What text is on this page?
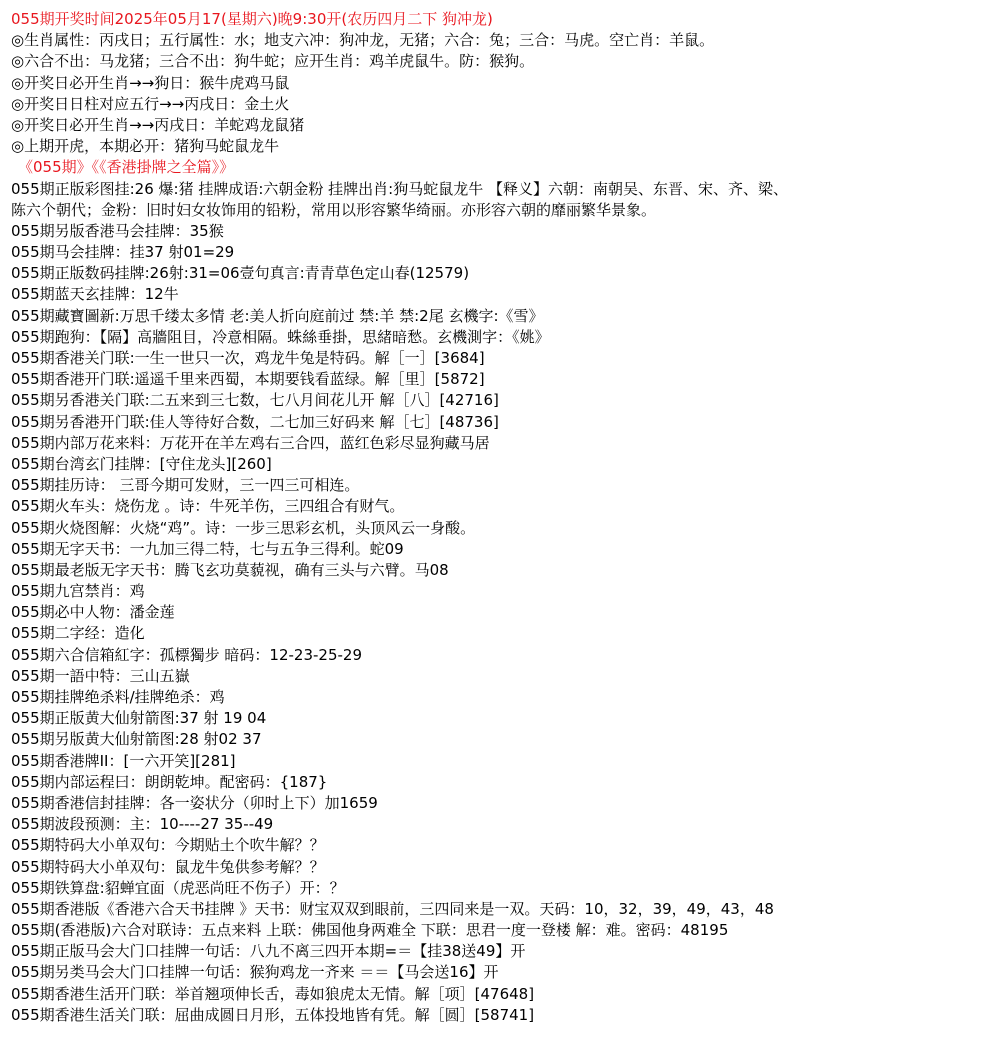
055期开奖时间2025年05月17(星期六)晚9:30开(农历四月二下 狗冲龙)
◎生肖属性：丙戌日；五行属性：水；地支六冲：狗冲龙，无猪；六合：兔；三合：马虎。空亡肖：羊鼠。
◎六合不出：马龙猪；三合不出：狗牛蛇；应开生肖：鸡羊虎鼠牛。防：猴狗。
◎开奖日必开生肖→→狗日：猴牛虎鸡马鼠
◎开奖日日柱对应五行→→丙戌日：金土火
◎开奖日必开生肖→→丙戌日：羊蛇鸡龙鼠猪
◎上期开虎，本期必开：猪狗马蛇鼠龙牛
《055期》《《香港掛牌之全篇》》
055期正版彩图挂:26 爆:猪 挂牌成语:六朝金粉 挂牌出肖:狗马蛇鼠龙牛 【释义】六朝：南朝吴、东晋、宋、齐、梁、
陈六个朝代；金粉：旧时妇女妆饰用的铅粉，常用以形容繁华绮丽。亦形容六朝的靡丽繁华景象。
055期另版香港马会挂牌：35猴
055期马会挂牌：挂37 射01=29
055期正版数码挂牌:26射:31=06壹句真言:青青草色定山春(12579)
055期蓝天玄挂牌：12牛
055期藏寶圖新:万思千缕太多情 老:美人折向庭前过 禁:羊 禁:2尾 玄機字:《雪》
055期跑狗：【隔】高牆阻目，冷意相隔。蛛絲垂掛，思緒暗愁。玄機測字：《姚》
055期香港关门联:一生一世只一次，鸡龙牛兔是特码。解［一］[3684]
055期香港开门联:遥遥千里来西蜀，本期要钱看蓝绿。解［里］[5872]
055期另香港关门联:二五来到三七数，七八月间花儿开 解［八］[42716]
055期另香港开门联:佳人等待好合数，二七加三好码来 解［七］[48736]
055期内部万花来料：万花开在羊左鸡右三合四，蓝红色彩尽显狗藏马居
055期台湾玄门挂牌：[守住龙头][260]
055期挂历诗： 三哥今期可发财，三一四三可相连。
055期火车头：烧伤龙 。诗：牛死羊伤，三四组合有财气。
055期火烧图解：火烧“鸡”。诗：一步三思彩玄机，头顶风云一身酸。
055期无字天书：一九加三得二特，七与五争三得利。蛇09
055期最老版无字天书：腾飞玄功莫藐视，确有三头与六臂。马08
055期九宫禁肖：鸡
055期必中人物：潘金莲
055期二字经：造化
055期六合信箱紅字：孤標獨步 暗码：12-23-25-29
055期一語中特：三山五嶽
055期挂牌绝杀料/挂牌绝杀：鸡
055期正版黄大仙射箭图:37 射 19 04
055期另版黄大仙射箭图:28 射02 37
055期香港牌II：[一六开笑][281]
055期内部运程曰：朗朗乾坤。配密码：{187}
055期香港信封挂牌：各一姿状分（卯时上下）加1659
055期波段预测：主：10----27 35--49
055期特码大小单双句：今期贴土个吹牛解？？
055期特码大小单双句：鼠龙牛兔供参考解？？
055期铁算盘:貂蝉宜面（虎恶尚旺不伤子）开：？
055期香港版《香港六合天书挂牌 》天书：财宝双双到眼前，三四同来是一双。天码：10，32，39，49，43，48
055期(香港版)六合对联诗：五点来料 上联：佛国他身两难全 下联：思君一度一登楼 解：难。密码：48195
055期正版马会大门口挂牌一句话：八九不离三四开本期=＝【挂38送49】开
055期另类马会大门口挂牌一句话：猴狗鸡龙一齐来 ＝＝【马会送16】开
055期香港生活开门联：举首翘项伸长舌，毒如狼虎太无情。解［项］[47648]
055期香港生活关门联：屈曲成圆日月形，五体投地皆有凭。解［圆］[58741]
